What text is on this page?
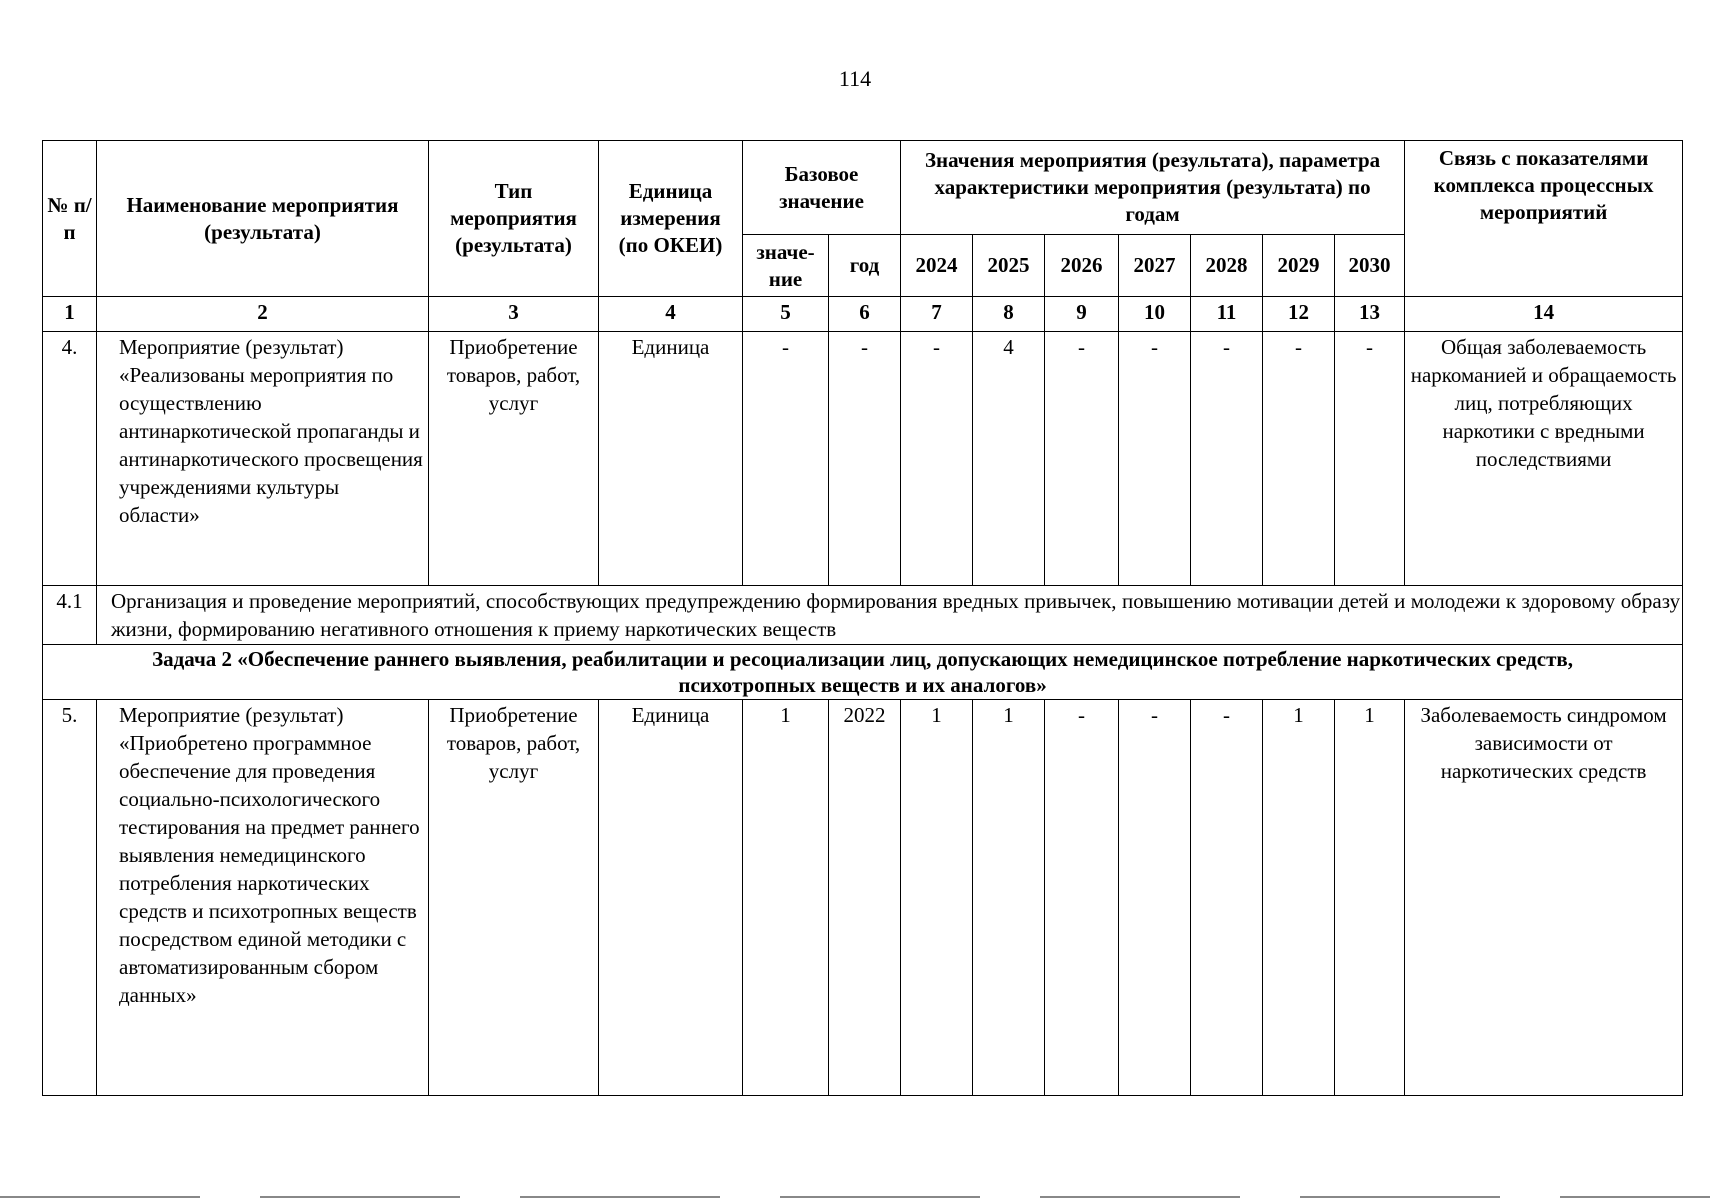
114
№ п/п	Наименование мероприятия (результата)	Тип мероприятия (результата)	Единица измерения (по ОКЕИ)	Базовое значение		Значения мероприятия (результата), параметра характеристики мероприятия (результата) по годам							Связь с показателями комплекса процессных мероприятий
				значе-ние	год	2024	2025	2026	2027	2028	2029	2030	
1	2	3	4	5	6	7	8	9	10	11	12	13	14
4.	Мероприятие (результат) «Реализованы мероприятия по осуществлению антинаркотической пропаганды и антинаркотического просвещения учреждениями культуры области»	Приобретение товаров, работ, услуг	Единица	-	-	-	4	-	-	-	-	-	Общая заболеваемость наркоманией и обращаемость лиц, потребляющих наркотики с вредными последствиями
4.1	Организация и проведение мероприятий, способствующих предупреждению формирования вредных привычек, повышению мотивации детей и молодежи к здоровому образу жизни, формированию негативного отношения к приему наркотических веществ												
Задача 2 «Обеспечение раннего выявления, реабилитации и ресоциализации лиц, допускающих немедицинское потребление наркотических средств, психотропных веществ и их аналогов»													
5.	Мероприятие (результат) «Приобретено программное обеспечение для проведения социально-психологического тестирования на предмет раннего выявления немедицинского потребления наркотических средств и психотропных веществ посредством единой методики с автоматизированным сбором данных»	Приобретение товаров, работ, услуг	Единица	1	2022	1	1	-	-	-	1	1	Заболеваемость синдромом зависимости от наркотических средств
